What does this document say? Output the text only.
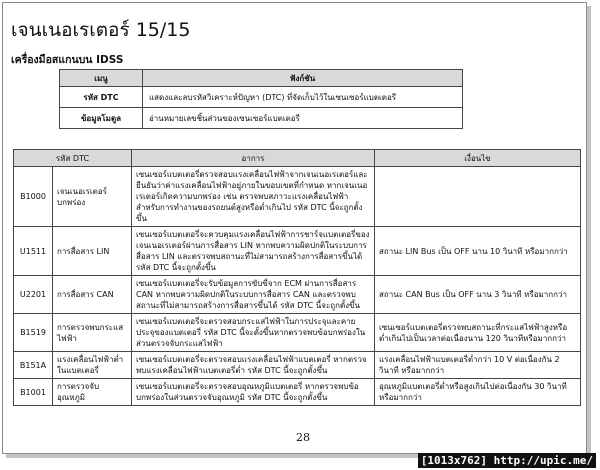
เจนเนอเรเตอร์ 15/15
เครื่องมือสแกนบน IDSS
เมนู	ฟังก์ชัน
รหัส DTC	แสดงและลบรหัสวิเคราะห์ปัญหา (DTC) ที่จัดเก็บไว้ในเซนเซอร์แบตเตอรี
ข้อมูลโมดูล	อ่านหมายเลขชิ้นส่วนของเซนเซอร์แบตเตอรี
รหัส DTC		อาการ	เงื่อนไข
B1000	เจนเนอเรเตอร์บกพร่อง	เซนเซอร์แบตเตอรี่ตรวจสอบแรงเคลื่อนไฟฟ้าจากเจนเนอเรเตอร์และยืนยันว่าค่าแรงเคลื่อนไฟฟ้าอยู่ภายในขอบเขตที่กำหนด หากเจนเนอเรเตอร์เกิดความบกพร่อง เช่น ตรวจพบสภาวะแรงเคลื่อนไฟฟ้าสำหรับการทำงานของรถยนต์สูงหรือต่ำเกินไป รหัส DTC นี้จะถูกตั้งขึ้น	
U1511	การสื่อสาร LIN	เซนเซอร์แบตเตอรี่จะควบคุมแรงเคลื่อนไฟฟ้าการชาร์จแบตเตอรี่ของเจนเนอเรเตอร์ผ่านการสื่อสาร LIN หากพบความผิดปกติในระบบการสื่อสาร LIN และตรวจพบสถานะที่ไม่สามารถสร้างการสื่อสารขึ้นได้ รหัส DTC นี้จะถูกตั้งขึ้น	สถานะ LIN Bus เป็น OFF นาน 10 วินาที หรือมากกว่า
U2201	การสื่อสาร CAN	เซนเซอร์แบตเตอรี่จะรับข้อมูลการขับขี่จาก ECM ผ่านการสื่อสาร CAN หากพบความผิดปกติในระบบการสื่อสาร CAN และตรวจพบสถานะที่ไม่สามารถสร้างการสื่อสารขึ้นได้ รหัส DTC นี้จะถูกตั้งขึ้น	สถานะ CAN Bus เป็น OFF นาน 3 วินาที หรือมากกว่า
B1519	การตรวจพบกระแสไฟฟ้า	เซนเซอร์แบตเตอรี่จะตรวจสอบกระแสไฟฟ้าในการประจุและคายประจุของแบตเตอรี่ รหัส DTC นี้จะตั้งขึ้นหากตรวจพบข้อบกพร่องในส่วนตรวจจับกระแสไฟฟ้า	เซนเซอร์แบตเตอรี่ตรวจพบสถานะที่กระแสไฟฟ้าสูงหรือต่ำเกินไปเป็นเวลาต่อเนื่องนาน 120 วินาทีหรือมากกว่า
B151A	แรงเคลื่อนไฟฟ้าต่ำในแบตเตอรี่	เซนเซอร์แบตเตอรี่จะตรวจสอบแรงเคลื่อนไฟฟ้าแบตเตอรี่ หากตรวจพบแรงเคลื่อนไฟฟ้าแบตเตอรี่ต่ำ รหัส DTC นี้จะถูกตั้งขึ้น	แรงเคลื่อนไฟฟ้าแบตเตอรี่ต่ำกว่า 10 V ต่อเนื่องกัน 2 วินาที หรือมากกว่า
B1001	การตรวจจับอุณหภูมิ	เซนเซอร์แบตเตอรี่จะตรวจสอบอุณหภูมิแบตเตอรี่ หากตรวจพบข้อบกพร่องในส่วนตรวจจับอุณหภูมิ รหัส DTC นี้จะถูกตั้งขึ้น	อุณหภูมิแบตเตอรี่ต่ำหรือสูงเกินไปต่อเนื่องกัน 30 วินาที หรือมากกว่า
28
[1013x762] http://upic.me/
